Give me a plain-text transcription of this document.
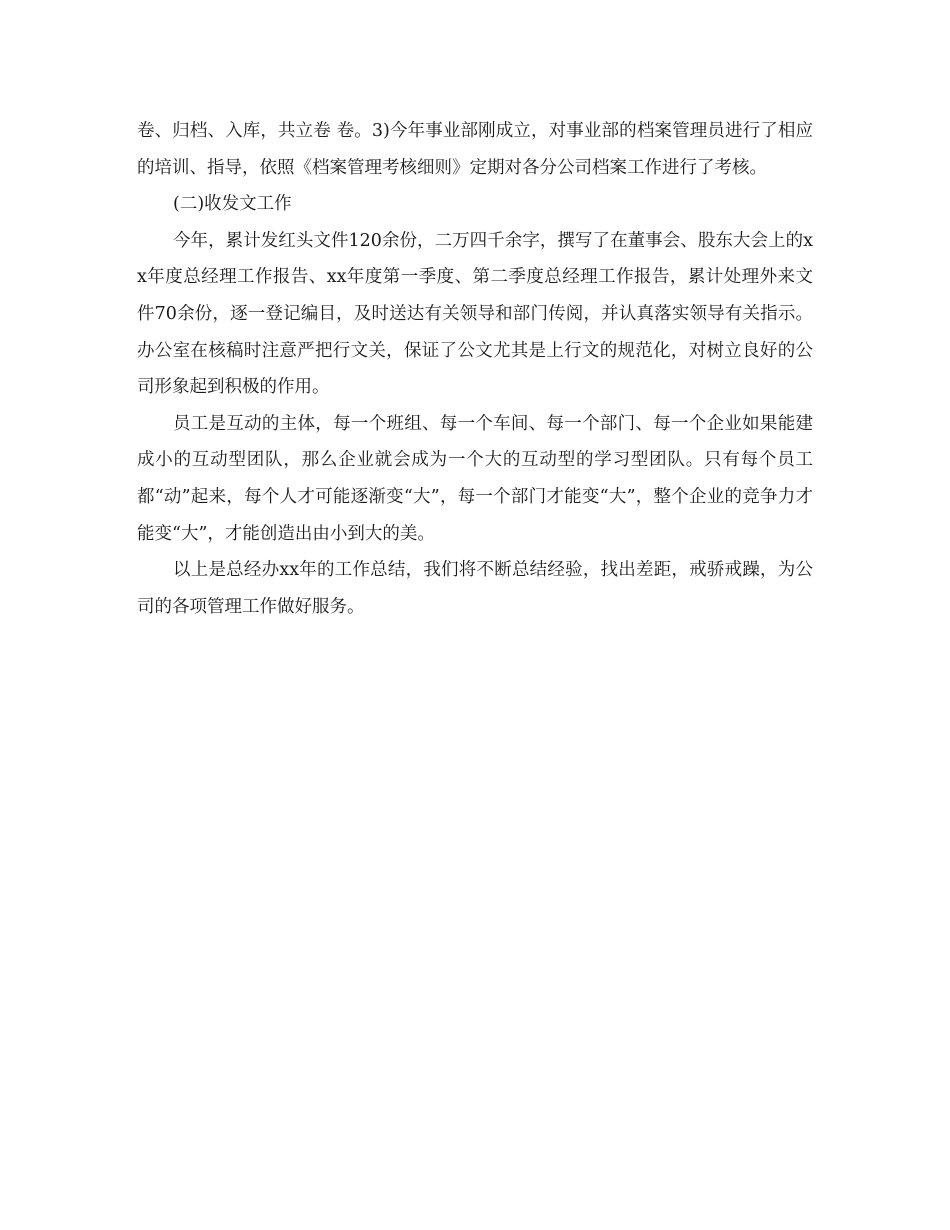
卷、归档、入库，共立卷 卷。3)今年事业部刚成立，对事业部的档案管理员进行了相应的培训、指导，依照《档案管理考核细则》定期对各分公司档案工作进行了考核。

(二)收发文工作

今年，累计发红头文件120余份，二万四千余字，撰写了在董事会、股东大会上的xx年度总经理工作报告、xx年度第一季度、第二季度总经理工作报告，累计处理外来文件70余份，逐一登记编目，及时送达有关领导和部门传阅，并认真落实领导有关指示。办公室在核稿时注意严把行文关，保证了公文尤其是上行文的规范化，对树立良好的公司形象起到积极的作用。

员工是互动的主体，每一个班组、每一个车间、每一个部门、每一个企业如果能建成小的互动型团队，那么企业就会成为一个大的互动型的学习型团队。只有每个员工都“动”起来，每个人才可能逐渐变“大”，每一个部门才能变“大”，整个企业的竞争力才能变“大”，才能创造出由小到大的美。

以上是总经办xx年的工作总结，我们将不断总结经验，找出差距，戒骄戒躁，为公司的各项管理工作做好服务。
